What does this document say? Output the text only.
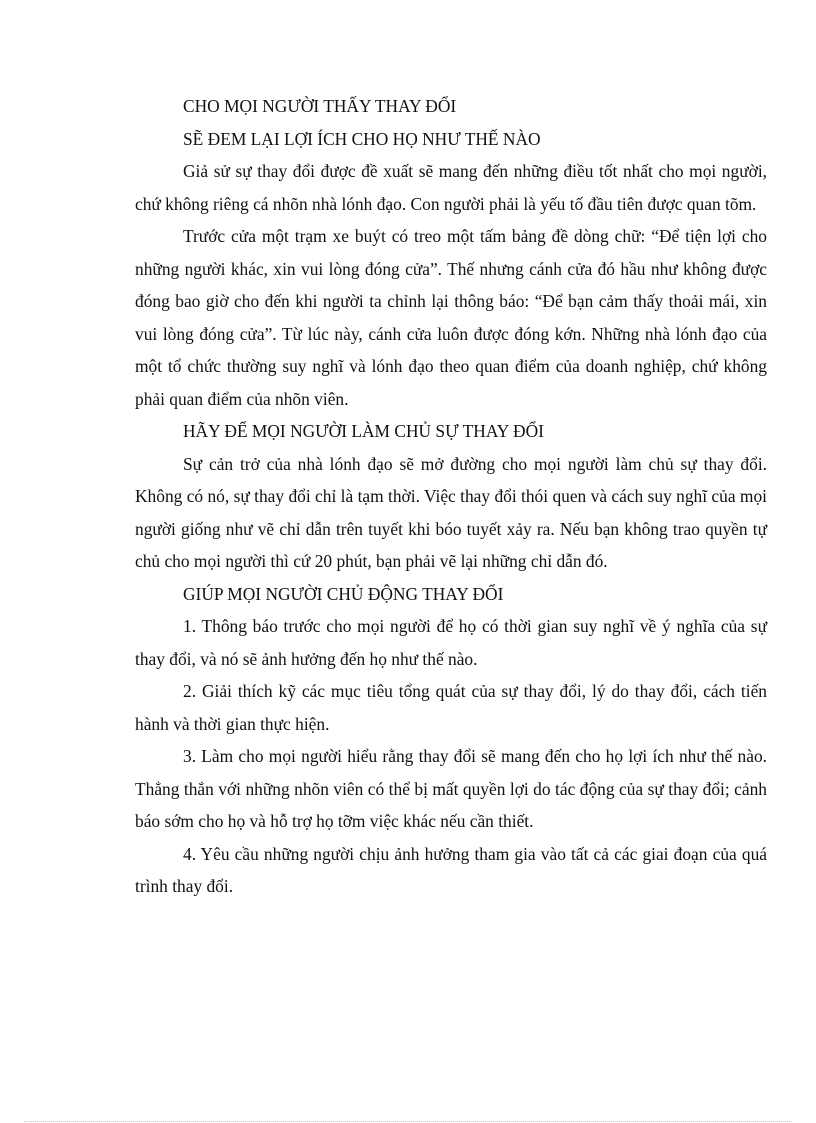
CHO MỌI NGƯỜI THẤY THAY ĐỔI

SẼ ĐEM LẠI LỢI ÍCH CHO HỌ NHƯ THẾ NÀO

Giả sử sự thay đổi được đề xuất sẽ mang đến những điều tốt nhất cho mọi người, chứ không riêng cá nhõn nhà lónh đạo. Con người phải là yếu tố đầu tiên được quan tõm.

Trước cửa một trạm xe buýt có treo một tấm bảng đề dòng chữ: “Để tiện lợi cho những người khác, xin vui lòng đóng cửa”. Thế nhưng cánh cửa đó hầu như không được đóng bao giờ cho đến khi người ta chỉnh lại thông báo: “Để bạn cảm thấy thoải mái, xin vui lòng đóng cửa”. Từ lúc này, cánh cửa luôn được đóng kớn. Những nhà lónh đạo của một tổ chức thường suy nghĩ và lónh đạo theo quan điểm của doanh nghiệp, chứ không phải quan điểm của nhõn viên.

HÃY ĐỂ MỌI NGƯỜI LÀM CHỦ SỰ THAY ĐỔI

Sự cản trở của nhà lónh đạo sẽ mở đường cho mọi người làm chủ sự thay đổi. Không có nó, sự thay đổi chỉ là tạm thời. Việc thay đổi thói quen và cách suy nghĩ của mọi người giống như vẽ chỉ dẫn trên tuyết khi bóo tuyết xảy ra. Nếu bạn không trao quyền tự chủ cho mọi người thì cứ 20 phút, bạn phải vẽ lại những chỉ dẫn đó.

GIÚP MỌI NGƯỜI CHỦ ĐỘNG THAY ĐỔI

1. Thông báo trước cho mọi người để họ có thời gian suy nghĩ về ý nghĩa của sự thay đổi, và nó sẽ ảnh hưởng đến họ như thế nào.

2. Giải thích kỹ các mục tiêu tổng quát của sự thay đổi, lý do thay đổi, cách tiến hành và thời gian thực hiện.

3. Làm cho mọi người hiểu rằng thay đổi sẽ mang đến cho họ lợi ích như thế nào. Thẳng thắn với những nhõn viên có thể bị mất quyền lợi do tác động của sự thay đổi; cảnh báo sớm cho họ và hỗ trợ họ tỡm việc khác nếu cần thiết.

4. Yêu cầu những người chịu ảnh hưởng tham gia vào tất cả các giai đoạn của quá trình thay đổi.
